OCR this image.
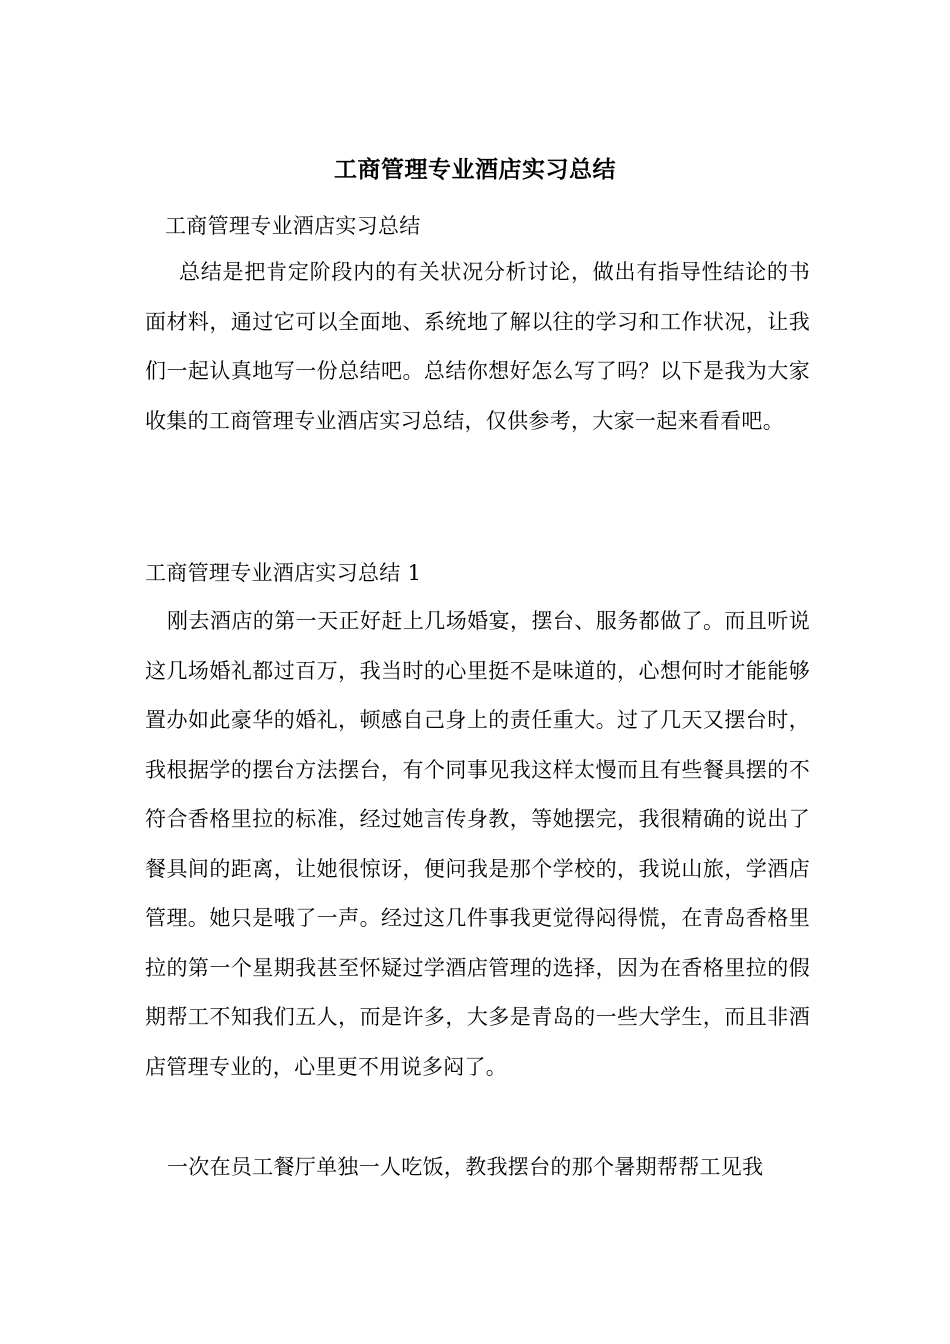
工商管理专业酒店实习总结
工商管理专业酒店实习总结

总结是把肯定阶段内的有关状况分析讨论，做出有指导性结论的书面材料，通过它可以全面地、系统地了解以往的学习和工作状况，让我们一起认真地写一份总结吧。总结你想好怎么写了吗？以下是我为大家收集的工商管理专业酒店实习总结，仅供参考，大家一起来看看吧。

工商管理专业酒店实习总结 1

刚去酒店的第一天正好赶上几场婚宴，摆台、服务都做了。而且听说这几场婚礼都过百万，我当时的心里挺不是味道的，心想何时才能能够置办如此豪华的婚礼，顿感自己身上的责任重大。过了几天又摆台时，我根据学的摆台方法摆台，有个同事见我这样太慢而且有些餐具摆的不符合香格里拉的标准，经过她言传身教，等她摆完，我很精确的说出了餐具间的距离，让她很惊讶，便问我是那个学校的，我说山旅，学酒店管理。她只是哦了一声。经过这几件事我更觉得闷得慌，在青岛香格里拉的第一个星期我甚至怀疑过学酒店管理的选择，因为在香格里拉的假期帮工不知我们五人，而是许多，大多是青岛的一些大学生，而且非酒店管理专业的，心里更不用说多闷了。

一次在员工餐厅单独一人吃饭，教我摆台的那个暑期帮帮工见我
